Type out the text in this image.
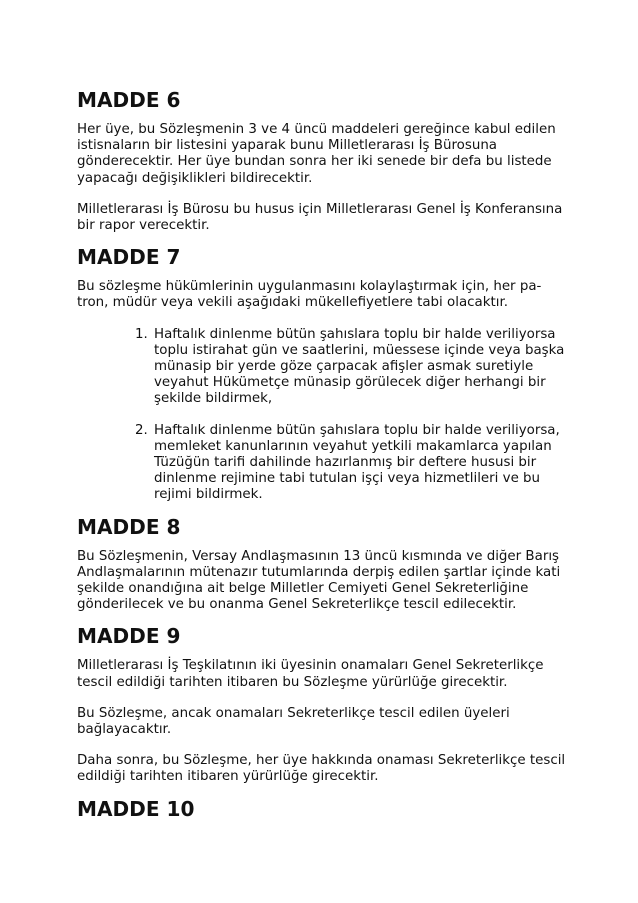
MADDE 6

Her üye, bu Sözleşmenin 3 ve 4 üncü maddeleri gereğince kabul edilen istisnaların bir listesini yaparak bunu Milletlerarası İş Bürosuna gönderecektir. Her üye bundan sonra her iki senede bir defa bu listede yapacağı değişiklikleri bildirecektir.

Milletlerarası İş Bürosu bu husus için Milletlerarası Genel İş Konferansına bir rapor verecektir.

MADDE 7

Bu sözleşme hükümlerinin uygulanmasını kolaylaştırmak için, her pa-tron, müdür veya vekili aşağıdaki mükellefiyetlere tabi olacaktır.

1. Haftalık dinlenme bütün şahıslara toplu bir halde veriliyorsa toplu istirahat gün ve saatlerini, müessese içinde veya başka münasip bir yerde göze çarpacak afişler asmak suretiyle veyahut Hükümetçe münasip görülecek diğer herhangi bir şekilde bildirmek,
2. Haftalık dinlenme bütün şahıslara toplu bir halde veriliyorsa, memleket kanunlarının veyahut yetkili makamlarca yapılan Tüzüğün tarifi dahilinde hazırlanmış bir deftere hususi bir dinlenme rejimine tabi tutulan işçi veya hizmetlileri ve bu rejimi bildirmek.
MADDE 8

Bu Sözleşmenin, Versay Andlaşmasının 13 üncü kısmında ve diğer Barış Andlaşmalarının mütenazır tutumlarında derpiş edilen şartlar içinde kati şekilde onandığına ait belge Milletler Cemiyeti Genel Sekreterliğine gönderilecek ve bu onanma Genel Sekreterlikçe tescil edilecektir.

MADDE 9

Milletlerarası İş Teşkilatının iki üyesinin onamaları Genel Sekreterlikçe tescil edildiği tarihten itibaren bu Sözleşme yürürlüğe girecektir.

Bu Sözleşme, ancak onamaları Sekreterlikçe tescil edilen üyeleri bağlayacaktır.

Daha sonra, bu Sözleşme, her üye hakkında onaması Sekreterlikçe tescil edildiği tarihten itibaren yürürlüğe girecektir.

MADDE 10
